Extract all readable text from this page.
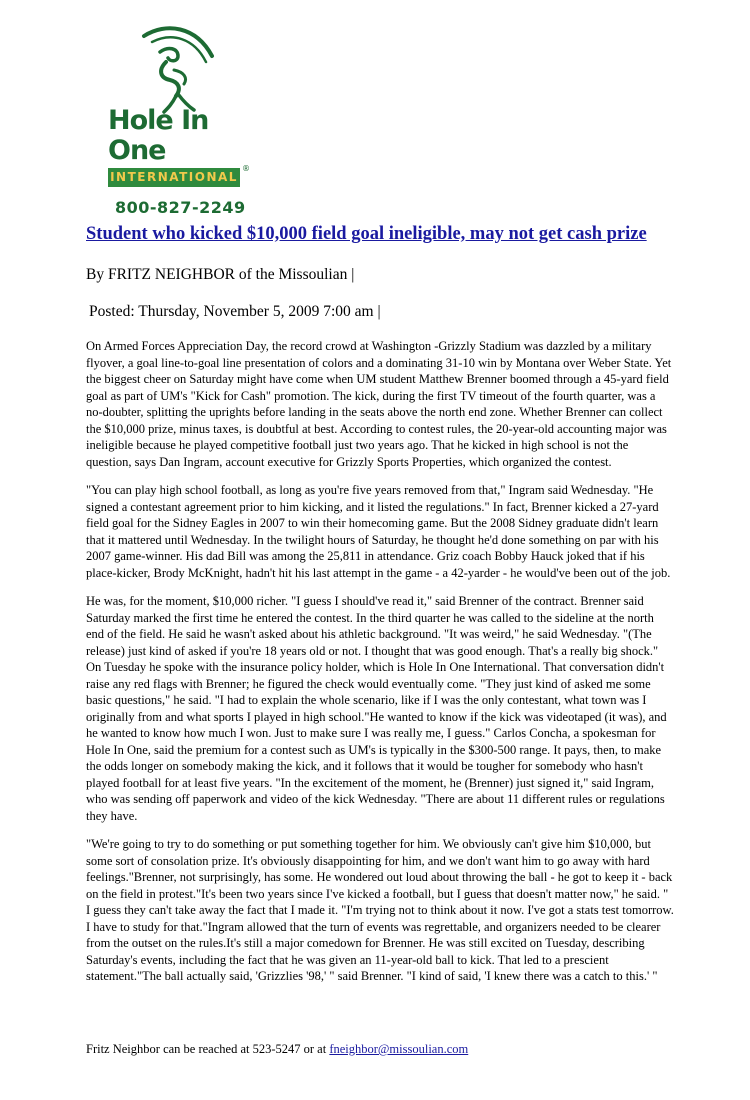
Hole In One
INTERNATIONAL
®
800-827-2249
Student who kicked $10,000 field goal ineligible, may not get cash prize

By FRITZ NEIGHBOR of the Missoulian |

Posted: Thursday, November 5, 2009 7:00 am |

On Armed Forces Appreciation Day, the record crowd at Washington -Grizzly Stadium was dazzled by a military flyover, a goal line-to-goal line presentation of colors and a dominating 31-10 win by Montana over Weber State. Yet the biggest cheer on Saturday might have come when UM student Matthew Brenner boomed through a 45-yard field goal as part of UM's "Kick for Cash" promotion. The kick, during the first TV timeout of the fourth quarter, was a no-doubter, splitting the uprights before landing in the seats above the north end zone. Whether Brenner can collect the $10,000 prize, minus taxes, is doubtful at best. According to contest rules, the 20-year-old accounting major was ineligible because he played competitive football just two years ago. That he kicked in high school is not the question, says Dan Ingram, account executive for Grizzly Sports Properties, which organized the contest.

"You can play high school football, as long as you're five years removed from that," Ingram said Wednesday. "He signed a contestant agreement prior to him kicking, and it listed the regulations." In fact, Brenner kicked a 27-yard field goal for the Sidney Eagles in 2007 to win their homecoming game. But the 2008 Sidney graduate didn't learn that it mattered until Wednesday. In the twilight hours of Saturday, he thought he'd done something on par with his 2007 game-winner. His dad Bill was among the 25,811 in attendance. Griz coach Bobby Hauck joked that if his place-kicker, Brody McKnight, hadn't hit his last attempt in the game - a 42-yarder - he would've been out of the job.

He was, for the moment, $10,000 richer. "I guess I should've read it," said Brenner of the contract. Brenner said Saturday marked the first time he entered the contest. In the third quarter he was called to the sideline at the north end of the field. He said he wasn't asked about his athletic background. "It was weird," he said Wednesday. "(The release) just kind of asked if you're 18 years old or not. I thought that was good enough. That's a really big shock." On Tuesday he spoke with the insurance policy holder, which is Hole In One International. That conversation didn't raise any red flags with Brenner; he figured the check would eventually come. "They just kind of asked me some basic questions," he said. "I had to explain the whole scenario, like if I was the only contestant, what town was I originally from and what sports I played in high school."He wanted to know if the kick was videotaped (it was), and he wanted to know how much I won. Just to make sure I was really me, I guess." Carlos Concha, a spokesman for Hole In One, said the premium for a contest such as UM's is typically in the $300-500 range. It pays, then, to make the odds longer on somebody making the kick, and it follows that it would be tougher for somebody who hasn't played football for at least five years. "In the excitement of the moment, he (Brenner) just signed it," said Ingram, who was sending off paperwork and video of the kick Wednesday. "There are about 11 different rules or regulations they have.

"We're going to try to do something or put something together for him. We obviously can't give him $10,000, but some sort of consolation prize. It's obviously disappointing for him, and we don't want him to go away with hard feelings."Brenner, not surprisingly, has some. He wondered out loud about throwing the ball - he got to keep it - back on the field in protest."It's been two years since I've kicked a football, but I guess that doesn't matter now," he said. " I guess they can't take away the fact that I made it. "I'm trying not to think about it now. I've got a stats test tomorrow. I have to study for that."Ingram allowed that the turn of events was regrettable, and organizers needed to be clearer from the outset on the rules.It's still a major comedown for Brenner. He was still excited on Tuesday, describing Saturday's events, including the fact that he was given an 11-year-old ball to kick. That led to a prescient statement."The ball actually said, 'Grizzlies '98,' " said Brenner. "I kind of said, 'I knew there was a catch to this.' "

Fritz Neighbor can be reached at 523-5247 or at fneighbor@missoulian.com
